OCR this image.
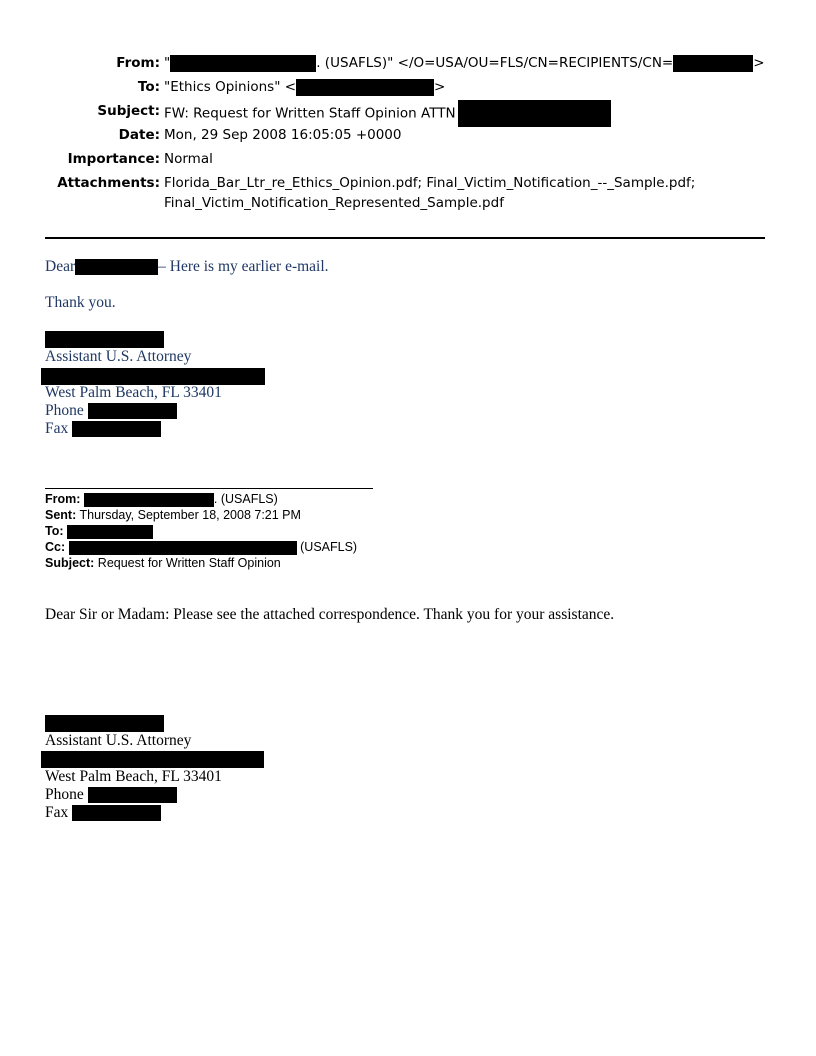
From: "	. (USAFLS)" </O=USA/OU=FLS/CN=RECIPIENTS/CN=	>
To: "Ethics Opinions" <	>
Subject: FW: Request for Written Staff Opinion ATTN
Date: Mon, 29 Sep 2008 16:05:05 +0000
Importance: Normal
Attachments: Florida_Bar_Ltr_re_Ethics_Opinion.pdf; Final_Victim_Notification_--_Sample.pdf;
Final_Victim_Notification_Represented_Sample.pdf
Dear	– Here is my earlier e-mail.
Thank you.
Assistant U.S. Attorney
West Palm Beach, FL 33401
Phone
Fax
From:	. (USAFLS)
Sent: Thursday, September 18, 2008 7:21 PM
To:
Cc:	(USAFLS)
Subject: Request for Written Staff Opinion
Dear Sir or Madam: Please see the attached correspondence. Thank you for your assistance.
Assistant U.S. Attorney
West Palm Beach, FL 33401
Phone
Fax
